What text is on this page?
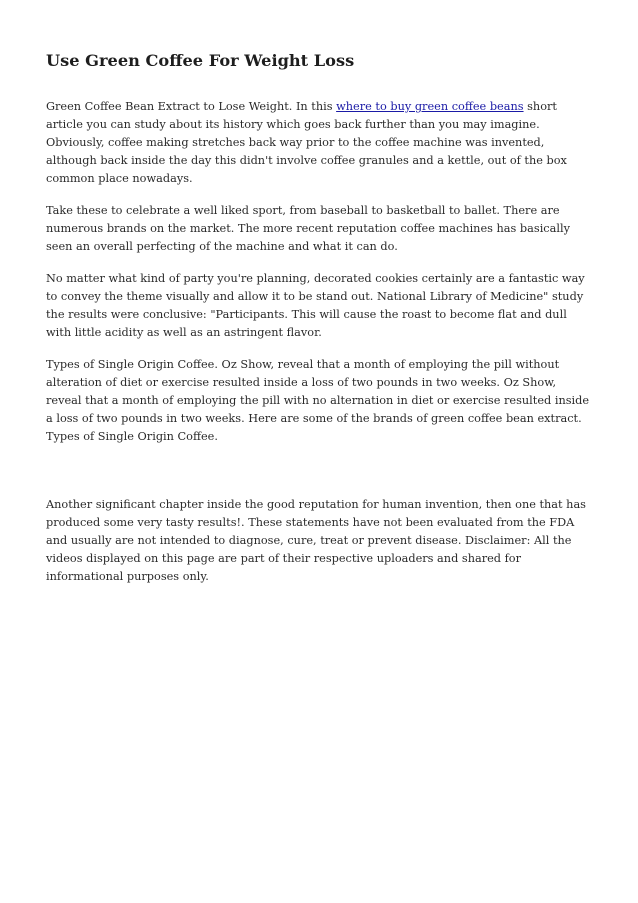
Use Green Coffee For Weight Loss

Green Coffee Bean Extract to Lose Weight. In this where to buy green coffee beans short article you can study about its history which goes back further than you may imagine. Obviously, coffee making stretches back way prior to the coffee machine was invented, although back inside the day this didn't involve coffee granules and a kettle, out of the box common place nowadays.

Take these to celebrate a well liked sport, from baseball to basketball to ballet. There are numerous brands on the market. The more recent reputation coffee machines has basically seen an overall perfecting of the machine and what it can do.

No matter what kind of party you're planning, decorated cookies certainly are a fantastic way to convey the theme visually and allow it to be stand out. National Library of Medicine" study the results were conclusive: "Participants. This will cause the roast to become flat and dull with little acidity as well as an astringent flavor.

Types of Single Origin Coffee. Oz Show, reveal that a month of employing the pill without alteration of diet or exercise resulted inside a loss of two pounds in two weeks. Oz Show, reveal that a month of employing the pill with no alternation in diet or exercise resulted inside a loss of two pounds in two weeks. Here are some of the brands of green coffee bean extract. Types of Single Origin Coffee.

Another significant chapter inside the good reputation for human invention, then one that has produced some very tasty results!. These statements have not been evaluated from the FDA and usually are not intended to diagnose, cure, treat or prevent disease. Disclaimer: All the videos displayed on this page are part of their respective uploaders and shared for informational purposes only.
